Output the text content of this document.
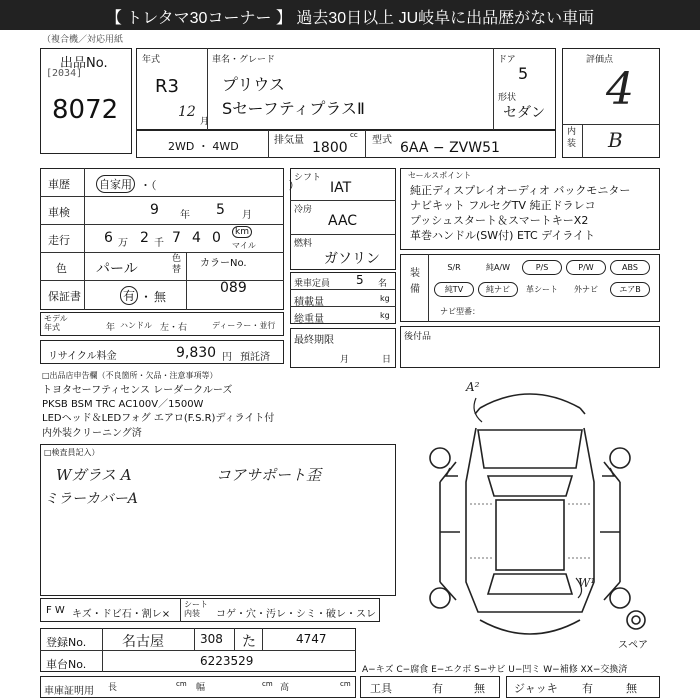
【 トレタマ30コーナー 】 過去30日以上 JU岐阜に出品歴がない車両
（複合機／対応用紙
出品No.
[2034]
8072
年式
R3
12
月
車名・グレード
プリウス
SセーフティプラスⅡ
ドア
5
形状
セダン
評価点
4
内装 B
2WD ・ 4WD	排気量	cc
1800 型式 6AA − ZVW51
車歴	自家用 ・（　　　　　　　　　　　　）
車検	9 年 5 月
走行 6 万 2 千 7 4 0	km
マイル
色 パール
色替
カラーNo.
089
保証書	有 ・ 無
モデル年式	年 ハンドル 左・右	ディーラー・並行
リサイクル料金	9,830 円 預託済
シフト
IAT
冷房
AAC
燃料
ガソリン
乗車定員 5 名
積載量	kg
総重量	kg
最終期限
月	日
セールスポイント
純正ディスプレイオーディオ バックモニター
ナビキット フルセグTV 純正ドラレコ
プッシュスタート＆スマートキーX2
革巻ハンドル(SW付) ETC デイライト
装備
S/R	純A/W	P/S	P/W	ABS
純TV	純ナビ	革シート	外ナビ	エアB
ナビ型番：
後付品
□出品店申告欄（不良箇所・欠品・注意事項等）
トヨタセーフティセンス レーダークルーズ
PKSB BSM TRC AC100V／1500W
LEDヘッド＆LEDフォグ エアロ(F.S.R)ディライト付
内外装クリーニング済
□検査員記入）
Wガラス A
ミラーカバーA
コアサポート歪
A²
W¹
スペア
F W キズ・ドビ石・割レ×
シート内装	コゲ・穴・汚レ・シミ・破レ・スレ
登録No.	名古屋	308 た	4747
車台No.	6223529
車庫証明用 長	cm 幅	cm 高	cm
A−キズ C−腐食 E−エクボ S−サビ U−凹ミ W−補修 XX−交換済
工具	有	無	ジャッキ 有	無
